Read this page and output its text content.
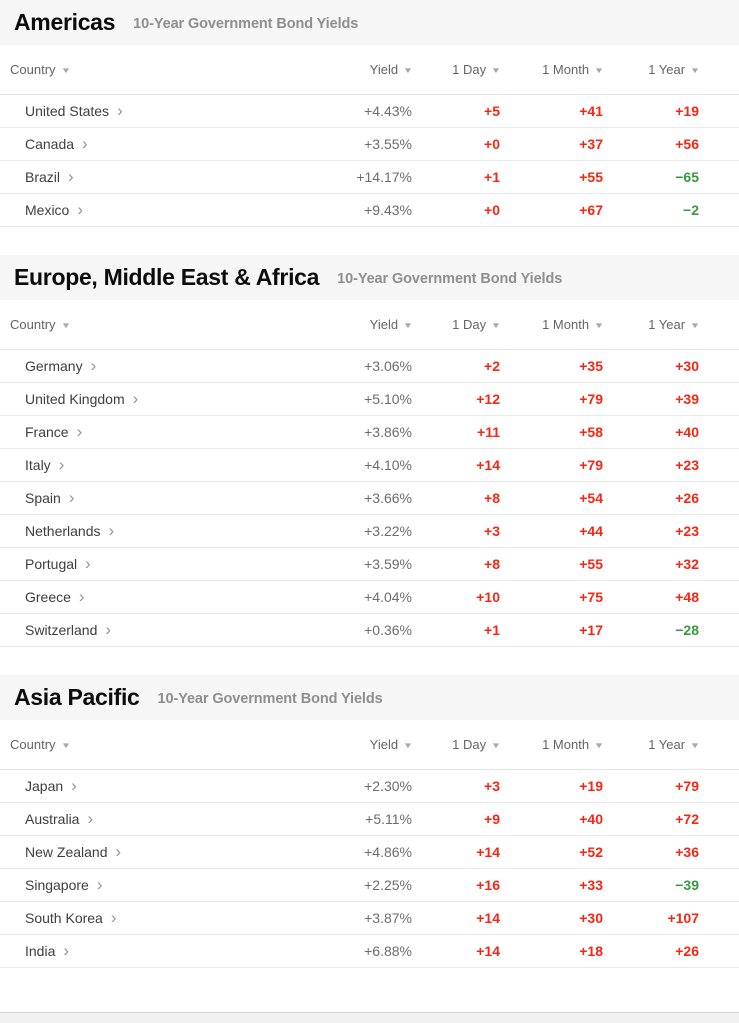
Americas 10-Year Government Bond Yields
Country ▼	Yield ▼	1 Day ▼	1 Month ▼	1 Year ▼
United States ›	+4.43%	+5	+41	+19
Canada ›	+3.55%	+0	+37	+56
Brazil ›	+14.17%	+1	+55	−65
Mexico ›	+9.43%	+0	+67	−2
Europe, Middle East & Africa 10-Year Government Bond Yields
Country ▼	Yield ▼	1 Day ▼	1 Month ▼	1 Year ▼
Germany ›	+3.06%	+2	+35	+30
United Kingdom ›	+5.10%	+12	+79	+39
France ›	+3.86%	+11	+58	+40
Italy ›	+4.10%	+14	+79	+23
Spain ›	+3.66%	+8	+54	+26
Netherlands ›	+3.22%	+3	+44	+23
Portugal ›	+3.59%	+8	+55	+32
Greece ›	+4.04%	+10	+75	+48
Switzerland ›	+0.36%	+1	+17	−28
Asia Pacific 10-Year Government Bond Yields
Country ▼	Yield ▼	1 Day ▼	1 Month ▼	1 Year ▼
Japan ›	+2.30%	+3	+19	+79
Australia ›	+5.11%	+9	+40	+72
New Zealand ›	+4.86%	+14	+52	+36
Singapore ›	+2.25%	+16	+33	−39
South Korea ›	+3.87%	+14	+30	+107
India ›	+6.88%	+14	+18	+26
